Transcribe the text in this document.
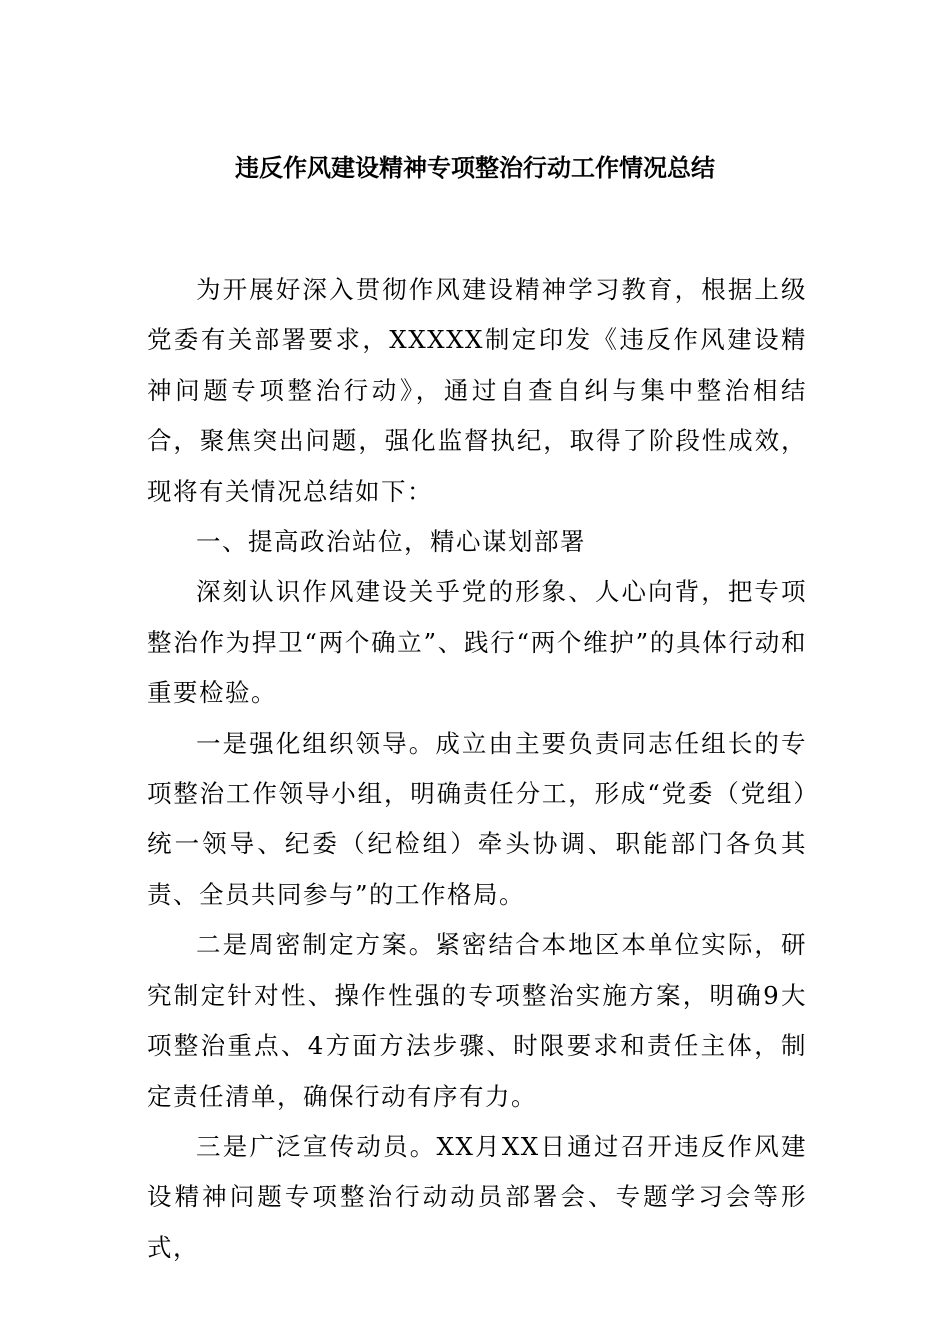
违反作风建设精神专项整治行动工作情况总结

为开展好深入贯彻作风建设精神学习教育，根据上级党委有关部署要求，XXXXX制定印发《违反作风建设精神问题专项整治行动》，通过自查自纠与集中整治相结合，聚焦突出问题，强化监督执纪，取得了阶段性成效，现将有关情况总结如下：

一、提高政治站位，精心谋划部署

深刻认识作风建设关乎党的形象、人心向背，把专项整治作为捍卫“两个确立”、践行“两个维护”的具体行动和重要检验。

一是强化组织领导。成立由主要负责同志任组长的专项整治工作领导小组，明确责任分工，形成“党委（党组）统一领导、纪委（纪检组）牵头协调、职能部门各负其责、全员共同参与”的工作格局。

二是周密制定方案。紧密结合本地区本单位实际，研究制定针对性、操作性强的专项整治实施方案，明确9大项整治重点、4方面方法步骤、时限要求和责任主体，制定责任清单，确保行动有序有力。

三是广泛宣传动员。XX月XX日通过召开违反作风建设精神问题专项整治行动动员部署会、专题学习会等形式，
